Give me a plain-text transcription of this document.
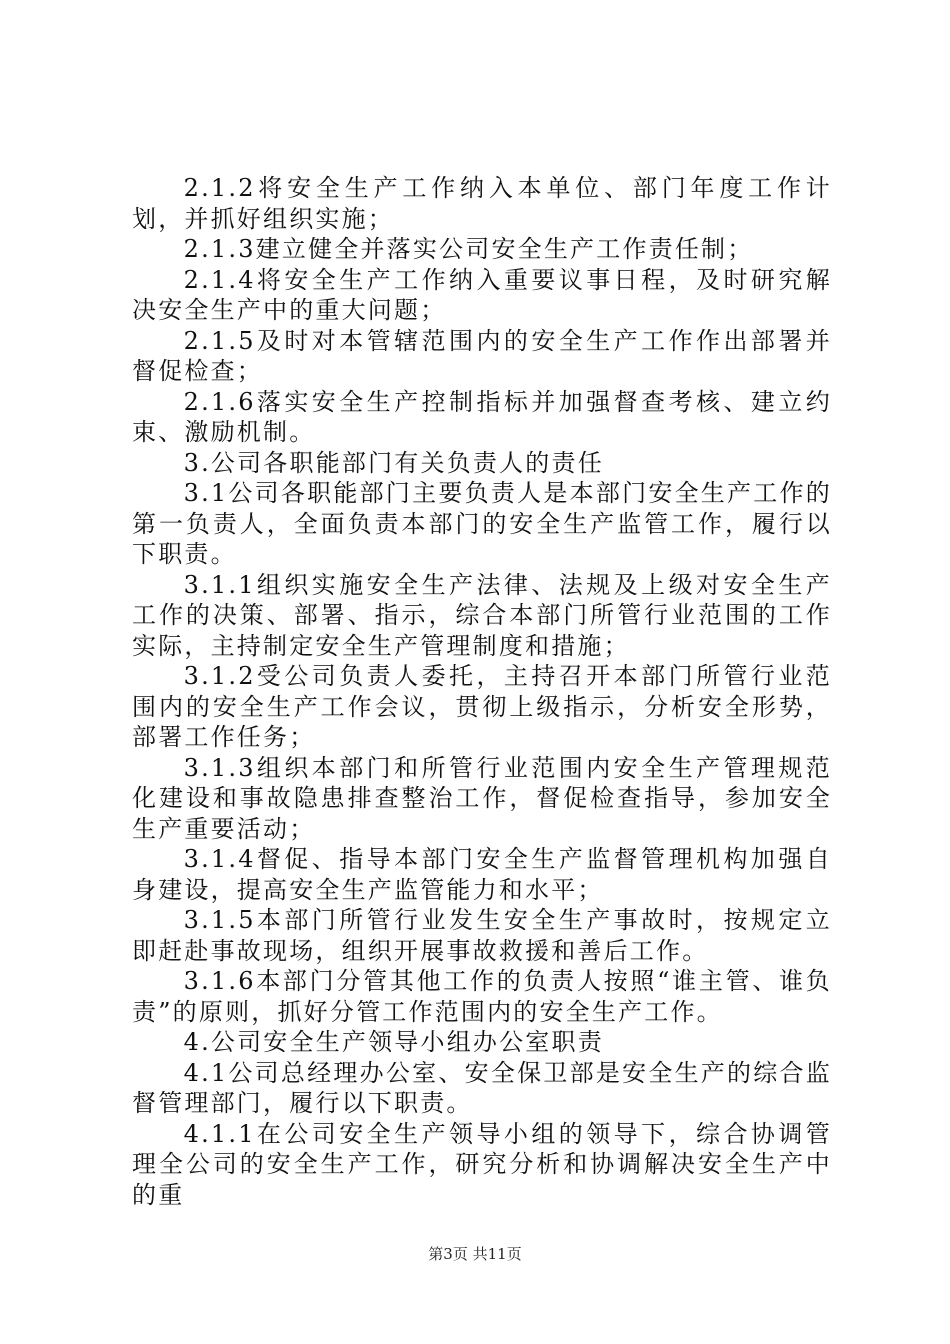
2.1.2将安全生产工作纳入本单位、部门年度工作计划，并抓好组织实施；

2.1.3建立健全并落实公司安全生产工作责任制；

2.1.4将安全生产工作纳入重要议事日程，及时研究解决安全生产中的重大问题；

2.1.5及时对本管辖范围内的安全生产工作作出部署并督促检查；

2.1.6落实安全生产控制指标并加强督查考核、建立约束、激励机制。

3.公司各职能部门有关负责人的责任

3.1公司各职能部门主要负责人是本部门安全生产工作的第一负责人，全面负责本部门的安全生产监管工作，履行以下职责。

3.1.1组织实施安全生产法律、法规及上级对安全生产工作的决策、部署、指示，综合本部门所管行业范围的工作实际，主持制定安全生产管理制度和措施；

3.1.2受公司负责人委托，主持召开本部门所管行业范围内的安全生产工作会议，贯彻上级指示，分析安全形势，部署工作任务；

3.1.3组织本部门和所管行业范围内安全生产管理规范化建设和事故隐患排查整治工作，督促检查指导，参加安全生产重要活动；

3.1.4督促、指导本部门安全生产监督管理机构加强自身建设，提高安全生产监管能力和水平；

3.1.5本部门所管行业发生安全生产事故时，按规定立即赶赴事故现场，组织开展事故救援和善后工作。

3.1.6本部门分管其他工作的负责人按照“谁主管、谁负责”的原则，抓好分管工作范围内的安全生产工作。

4.公司安全生产领导小组办公室职责

4.1公司总经理办公室、安全保卫部是安全生产的综合监督管理部门，履行以下职责。

4.1.1在公司安全生产领导小组的领导下，综合协调管理全公司的安全生产工作，研究分析和协调解决安全生产中的重

第3页 共11页
